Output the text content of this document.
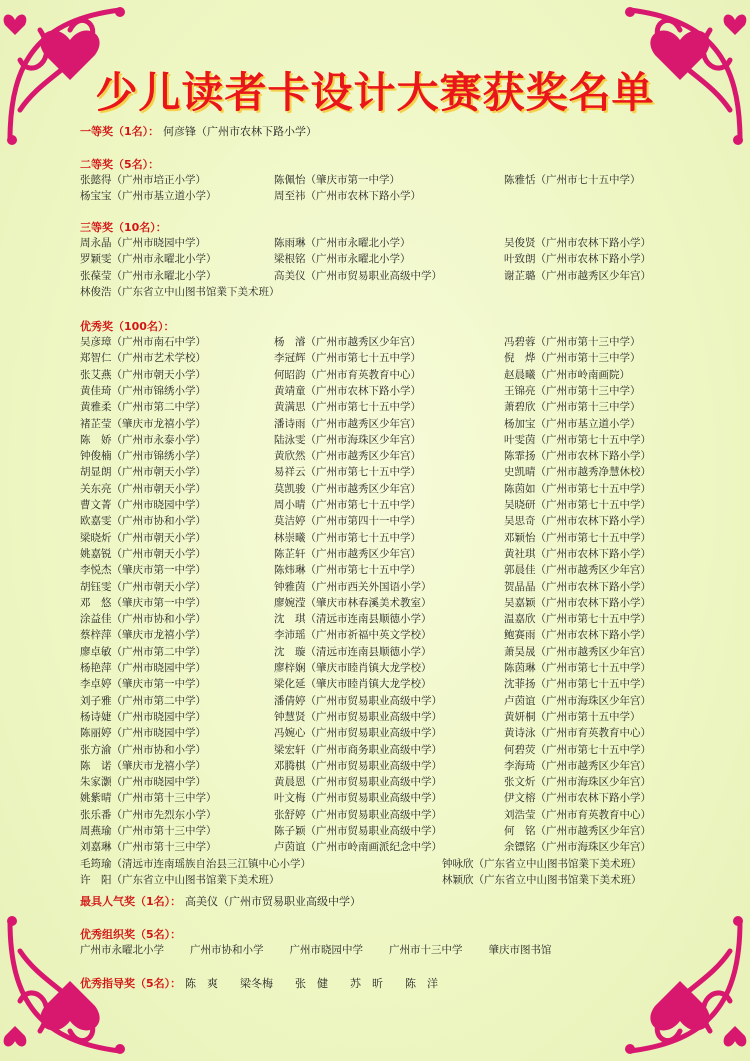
少儿读者卡设计大赛获奖名单
一等奖（1名）： 何彦锋（广州市农林下路小学）
二等奖（5名）：
张懿得（广州市培正小学）	陈佩怡（肇庆市第一中学）	陈雅恬（广州市七十五中学）
杨宝宝（广州市基立道小学）	周至祎（广州市农林下路小学）
三等奖（10名）：
周永晶（广州市晓园中学）	陈雨琳（广州市永曜北小学）	吴俊贤（广州市农林下路小学）
罗颖雯（广州市永曜北小学）	梁根铭（广州市永曜北小学）	叶致朗（广州市农林下路小学）
张葆莹（广州市永曜北小学）	高美仪（广州市贸易职业高级中学）	谢芷璐（广州市越秀区少年宫）
林俊浩（广东省立中山图书馆業下美术班）
优秀奖（100名）：
吴彦璋（广州市南石中学）	杨　濬（广州市越秀区少年宫）	冯碧蓉（广州市第十三中学）
郑智仁（广州市艺术学校）	李冠辉（广州市第七十五中学）	倪　烨（广州市第十三中学）
张艾燕（广州市朝天小学）	何昭韵（广州市育英教育中心）	赵晨曦（广州市岭南画院）
黄佳琦（广州市锦绣小学）	黄靖童（广州市农林下路小学）	王锦亮（广州市第十三中学）
黄雅柔（广州市第二中学）	黄满思（广州市第七十五中学）	萧碧欣（广州市第十三中学）
褚芷莹（肇庆市龙禧小学）	潘诗雨（广州市越秀区少年宫）	杨加宝（广州市基立道小学）
陈　娇（广州市永泰小学）	陆泳雯（广州市海珠区少年宫）	叶雯茵（广州市第七十五中学）
钟俊楠（广州市锦绣小学）	黄欣然（广州市越秀区少年宫）	陈霏扬（广州市农林下路小学）
胡显朗（广州市朝天小学）	易祥云（广州市第七十五中学）	史凯晴（广州市越秀净慧休校）
关东亮（广州市朝天小学）	莫凯骏（广州市越秀区少年宫）	陈茵如（广州市第七十五中学）
曹文菁（广州市晓园中学）	周小晴（广州市第七十五中学）	吴晓研（广州市第七十五中学）
欧嘉雯（广州市协和小学）	莫洁婷（广州市第四十一中学）	吴思奇（广州市农林下路小学）
梁晓炘（广州市朝天小学）	林崇曦（广州市第七十五中学）	邓颖怡（广州市第七十五中学）
姚嘉锐（广州市朝天小学）	陈芷轩（广州市越秀区少年宫）	黄社琪（广州市农林下路小学）
李悦杰（肇庆市第一中学）	陈炜琳（广州市第七十五中学）	郭晨佳（广州市越秀区少年宫）
胡钰雯（广州市朝天小学）	钟雅茵（广州市西关外国语小学）	贺晶晶（广州市农林下路小学）
邓　悠（肇庆市第一中学）	廖婉滢（肇庆市林春溪美术教室）	吴嘉颖（广州市农林下路小学）
涂益佳（广州市协和小学）	沈　琪（清远市连南县顺德小学）	温嘉欣（广州市第七十五中学）
蔡梓萍（肇庆市龙禧小学）	李沛瑶（广州市祈福中英文学校）	鲍赛雨（广州市农林下路小学）
廖卓敏（广州市第二中学）	沈　璇（清远市连南县顺德小学）	萧昊晟（广州市越秀区少年宫）
杨艳萍（广州市晓园中学）	廖梓娴（肇庆市睦肖镇大龙学校）	陈茵琳（广州市第七十五中学）
李卓婷（肇庆市第一中学）	梁化延（肇庆市睦肖镇大龙学校）	沈菲扬（广州市第七十五中学）
刘子雅（广州市第二中学）	潘倩婷（广州市贸易职业高级中学）	卢茵谊（广州市海珠区少年宫）
杨诗婕（广州市晓园中学）	钟慧贤（广州市贸易职业高级中学）	黄妍桐（广州市第十五中学）
陈丽婷（广州市晓园中学）	冯婉心（广州市贸易职业高级中学）	黄诗泳（广州市育英教育中心）
张方渝（广州市协和小学）	梁宏轩（广州市商务职业高级中学）	何碧荧（广州市第七十五中学）
陈　诺（肇庆市龙禧小学）	邓腾棋（广州市贸易职业高级中学）	李海琦（广州市越秀区少年宫）
朱家灏（广州市晓园中学）	黄晨恩（广州市贸易职业高级中学）	张文炘（广州市海珠区少年宫）
姚紫晴（广州市第十三中学）	叶文梅（广州市贸易职业高级中学）	伊文榕（广州市农林下路小学）
张乐番（广州市先烈东小学）	张舒婷（广州市贸易职业高级中学）	刘浩莹（广州市育英教育中心）
周燕瑜（广州市第十三中学）	陈子颖（广州市贸易职业高级中学）	何　铭（广州市越秀区少年宫）
刘嘉琳（广州市第十三中学）	卢茵谊（广州市岭南画派纪念中学）	余镖铭（广州市海珠区少年宫）
毛筠瑜（清远市连南瑶族自治县三江镇中心小学）	钟咏欣（广东省立中山图书馆業下美术班）
许　阳（广东省立中山图书馆業下美术班）	林颖欣（广东省立中山图书馆業下美术班）
最具人气奖（1名）： 高美仪（广州市贸易职业高级中学）
优秀组织奖（5名）：
广州市永曜北小学 广州市协和小学 广州市晓园中学 广州市十三中学 肇庆市图书馆
优秀指导奖（5名）： 陈　爽 梁冬梅 张　健 苏　昕 陈　洋
